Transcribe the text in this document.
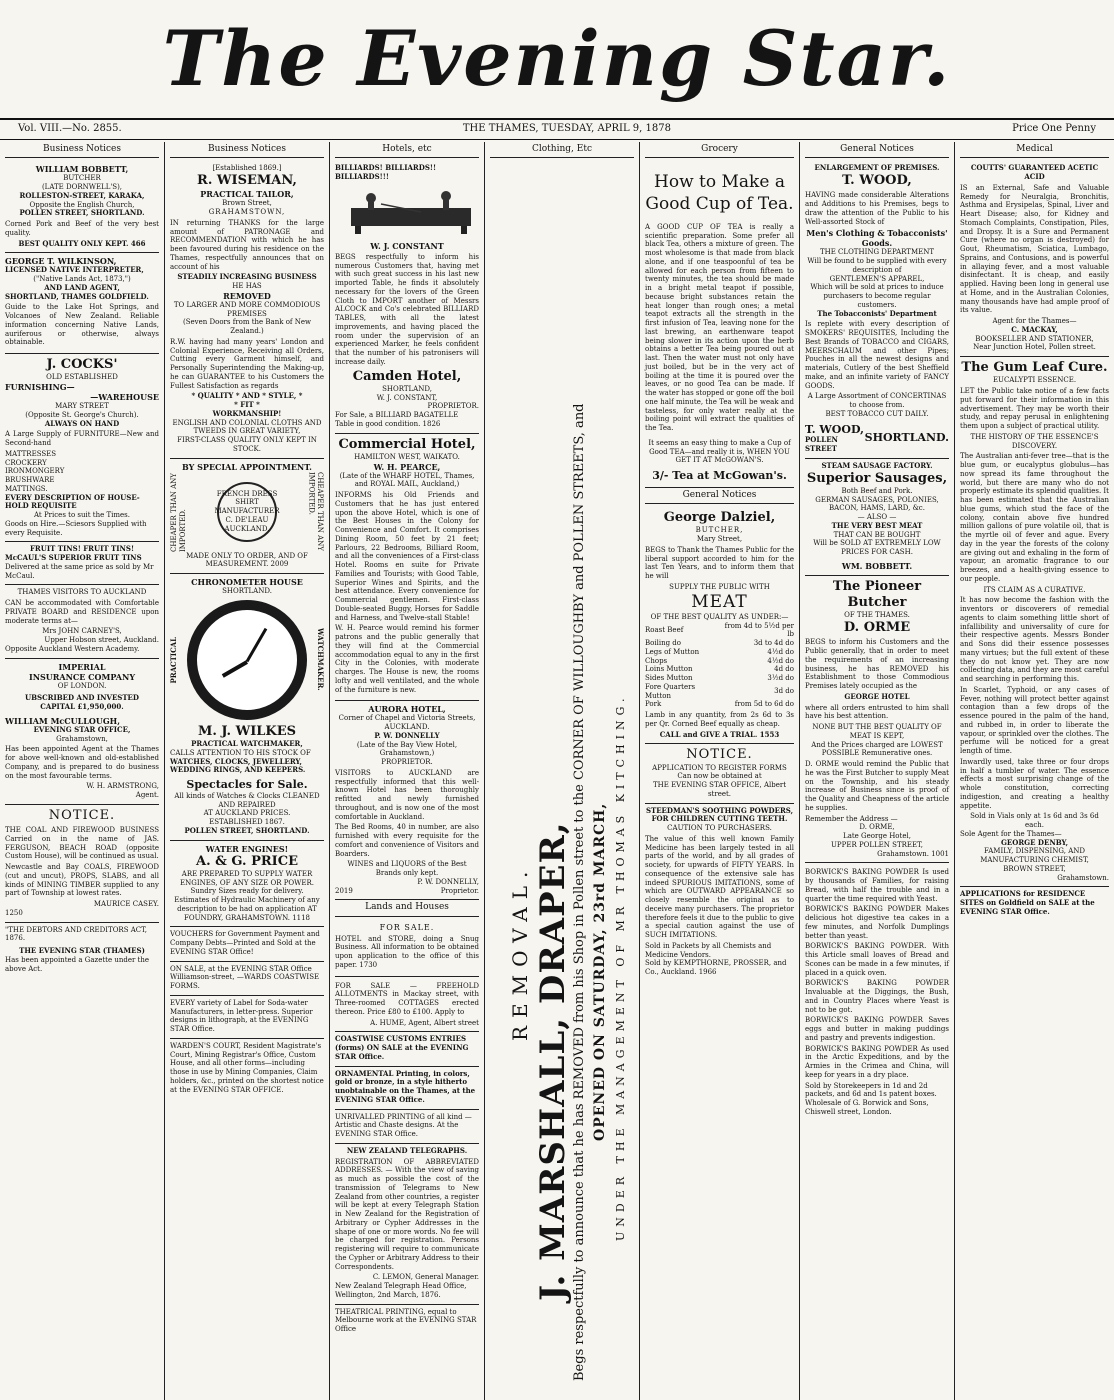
The Evening Star.
Vol. VIII.—No. 2855.	THE THAMES, TUESDAY, APRIL 9, 1878	Price One Penny
Business Notices
WILLIAM BOBBETT,
BUTCHER
(LATE DORNWELL'S),
ROLLESTON-STREET, KARAKA,
Opposite the English Church,
POLLEN STREET, SHORTLAND.
Corned Pork and Beef of the very best quality.
BEST QUALITY ONLY KEPT. 466
GEORGE T. WILKINSON,
LICENSED NATIVE INTERPRETER,
("Native Lands Act, 1873,")
AND LAND AGENT,
SHORTLAND, THAMES GOLDFIELD.
Guide to the Lake Hot Springs, and Volcanoes of New Zealand. Reliable information concerning Native Lands, auriferous or otherwise, always obtainable.
J. COCKS'
OLD ESTABLISHED
FURNISHING—
—WAREHOUSE
MARY STREET
(Opposite St. George's Church).
ALWAYS ON HAND
A Large Supply of FURNITURE—New and Second-hand
MATTRESSES
CROCKERY
IRONMONGERY
BRUSHWARE
MATTINGS.
EVERY DESCRIPTION OF HOUSE-HOLD REQUISITE
At Prices to suit the Times.
Goods on Hire.—Sciesors Supplied with every Requisite.
FRUIT TINS! FRUIT TINS!
McCAUL'S SUPERIOR FRUIT TINS
Delivered at the same price as sold by Mr McCaul.
THAMES VISITORS TO AUCKLAND
CAN be accommodated with Comfortable PRIVATE BOARD and RESIDENCE upon moderate terms at—
Mrs JOHN CARNEY'S,
Upper Hobson street, Auckland.
Opposite Auckland Western Academy.
IMPERIAL
INSURANCE COMPANY
OF LONDON.
UBSCRIBED AND INVESTED
CAPITAL £1,950,000.
WILLIAM McCULLOUGH,
EVENING STAR OFFICE,
Grahamstown,
Has been appointed Agent at the Thames for above well-known and old-established Company, and is prepared to do business on the most favourable terms.
W. H. ARMSTRONG,
Agent.
NOTICE.
THE COAL AND FIREWOOD BUSINESS Carried on in the name of JAS. FERGUSON, BEACH ROAD (opposite Custom House), will be continued as usual.
Newcastle and Bay COALS, FIREWOOD (cut and uncut), PROPS, SLABS, and all kinds of MINING TIMBER supplied to any part of Township at lowest rates.
MAURICE CASEY.
1250
"THE DEBTORS AND CREDITORS ACT, 1876.
THE EVENING STAR (THAMES)
Has been appointed a Gazette under the above Act.
Business Notices
[Established 1869.]
R. WISEMAN,
PRACTICAL TAILOR,
Brown Street,
GRAHAMSTOWN,
IN returning THANKS for the large amount of PATRONAGE and RECOMMENDATION with which he has been favoured during his residence on the Thames, respectfully announces that on account of his
STEADILY INCREASING BUSINESS
HE HAS
REMOVED
TO LARGER AND MORE COMMODIOUS PREMISES
(Seven Doors from the Bank of New Zealand.)
R.W. having had many years' London and Colonial Experience, Receiving all Orders, Cutting every Garment himself, and Personally Superintending the Making-up, he can GUARANTEE to his Customers the Fullest Satisfaction as regards
* QUALITY * AND * STYLE, *
* FIT *
WORKMANSHIP!
ENGLISH AND COLONIAL CLOTHS AND TWEEDS IN GREAT VARIETY,
FIRST-CLASS QUALITY ONLY KEPT IN STOCK.
BY SPECIAL APPOINTMENT.
CHEAPER THAN ANY IMPORTED.
FRENCH DRESS SHIRT MANUFACTURER C. DE'LEAU AUCKLAND.	CHEAPER THAN ANY IMPORTED.
MADE ONLY TO ORDER, AND OF MEASUREMENT. 2009
CHRONOMETER HOUSE
SHORTLAND.
PRACTICAL	WATCHMAKER.
M. J. WILKES
PRACTICAL WATCHMAKER,
CALLS ATTENTION TO HIS STOCK OF
WATCHES, CLOCKS, JEWELLERY, WEDDING RINGS, AND KEEPERS.
Spectacles for Sale.
All kinds of Watches & Clocks CLEANED AND REPAIRED
AT AUCKLAND PRICES.
ESTABLISHED 1867.
POLLEN STREET, SHORTLAND.
WATER ENGINES!
A. & G. PRICE
ARE PREPARED TO SUPPLY WATER ENGINES, OF ANY SIZE OR POWER.
Sundry Sizes ready for delivery.
Estimates of Hydraulic Machinery of any description to be had on application AT FOUNDRY, GRAHAMSTOWN. 1118
VOUCHERS for Government Payment and Company Debts—Printed and Sold at the EVENING STAR Office!
ON SALE, at the EVENING STAR Office Williamson-street, —WARDS COASTWISE FORMS.
EVERY variety of Label for Soda-water Manufacturers, in letter-press. Superior designs in lithograph, at the EVENING STAR Office.
WARDEN'S COURT, Resident Magistrate's Court, Mining Registrar's Office, Custom House, and all other forms—including those in use by Mining Companies, Claim holders, &c., printed on the shortest notice at the EVENING STAR OFFICE.
Hotels, etc
BILLIARDS! BILLIARDS!! BILLIARDS!!!
W. J. CONSTANT
BEGS respectfully to inform his numerous Customers that, having met with such great success in his last new imported Table, he finds it absolutely necessary for the lovers of the Green Cloth to IMPORT another of Messrs ALCOCK and Co's celebrated BILLIARD TABLES, with all the latest improvements, and having placed the room under the supervision of an experienced Marker, he feels confident that the number of his patronisers will increase daily.
Camden Hotel,
SHORTLAND,
W. J. CONSTANT,
PROPRIETOR.
For Sale, a BILLIARD BAGATELLE Table in good condition. 1826
Commercial Hotel,
HAMILTON WEST, WAIKATO.
W. H. PEARCE,
(Late of the WHARF HOTEL, Thames, and ROYAL MAIL, Auckland,)
INFORMS his Old Friends and Customers that he has just entered upon the above Hotel, which is one of the Best Houses in the Colony for Convenience and Comfort. It comprises Dining Room, 50 feet by 21 feet; Parlours, 22 Bedrooms, Billiard Room, and all the conveniences of a First-class Hotel. Rooms en suite for Private Families and Tourists; with Good Table, Superior Wines and Spirits, and the best attendance. Every convenience for Commercial gentlemen. First-class Double-seated Buggy, Horses for Saddle and Harness, and Twelve-stall Stable!
W. H. Pearce would remind his former patrons and the public generally that they will find at the Commercial accommodation equal to any in the first City in the Colonies, with moderate charges. The House is new, the rooms lofty and well ventilated, and the whole of the furniture is new.
AURORA HOTEL,
Corner of Chapel and Victoria Streets, AUCKLAND.
P. W. DONNELLY
(Late of the Bay View Hotel, Grahamstown,)
PROPRIETOR.
VISITORS to AUCKLAND are respectfully informed that this well-known Hotel has been thoroughly refitted and newly furnished throughout, and is now one of the most comfortable in Auckland.
The Bed Rooms, 40 in number, are also furnished with every requisite for the comfort and convenience of Visitors and Boarders.
WINES and LIQUORS of the Best Brands only kept.
P. W. DONNELLY,
2019	Proprietor.
Lands and Houses
FOR SALE.
HOTEL and STORE, doing a Snug Business. All information to be obtained upon application to the office of this paper. 1730
FOR SALE — FREEHOLD ALLOTMENTS in Mackay street, with Three-roomed COTTAGES erected thereon. Price £80 to £100. Apply to
A. HUME, Agent, Albert street
COASTWISE CUSTOMS ENTRIES (forms) ON SALE at the EVENING STAR Office.
ORNAMENTAL Printing, in colors, gold or bronze, in a style hitherto unobtainable on the Thames, at the EVENING STAR Office.
UNRIVALLED PRINTING of all kind —Artistic and Chaste designs. At the EVENING STAR Office.
NEW ZEALAND TELEGRAPHS.
REGISTRATION OF ABBREVIATED ADDRESSES. — With the view of saving as much as possible the cost of the transmission of Telegrams to New Zealand from other countries, a register will be kept at every Telegraph Station in New Zealand for the Registration of Arbitrary or Cypher Addresses in the shape of one or more words. No fee will be charged for registration. Persons registering will require to communicate the Cypher or Arbitrary Address to their Correspondents.
C. LEMON, General Manager.
New Zealand Telegraph Head Office, Wellington, 2nd March, 1876.
THEATRICAL PRINTING, equal to Melbourne work at the EVENING STAR Office
Clothing, Etc
REMOVAL. J. MARSHALL, DRAPER, Begs respectfully to announce that he has REMOVED from his Shop in Pollen street to the CORNER OF WILLOUGHBY and POLLEN STREETS, and OPENED ON SATURDAY, 23rd MARCH, UNDER THE MANAGEMENT OF MR THOMAS KITCHING.
Grocery
How to Make a Good Cup of Tea.
A GOOD CUP OF TEA is really a scientific preparation. Some prefer all black Tea, others a mixture of green. The most wholesome is that made from black alone, and if one teaspoonful of tea be allowed for each person from fifteen to twenty minutes, the tea should be made in a bright metal teapot if possible, because bright substances retain the heat longer than rough ones; a metal teapot extracts all the strength in the first infusion of Tea, leaving none for the last brewing, an earthenware teapot being slower in its action upon the herb obtains a better Tea being poured out at last. Then the water must not only have just boiled, but be in the very act of boiling at the time it is poured over the leaves, or no good Tea can be made. If the water has stopped or gone off the boil one half minute, the Tea will be weak and tasteless, for only water really at the boiling point will extract the qualities of the Tea.
It seems an easy thing to make a Cup of Good TEA—and really it is, WHEN YOU GET IT AT McGOWAN'S.
3/- Tea at McGowan's.
General Notices
George Dalziel,
BUTCHER,
Mary Street,
BEGS to Thank the Thames Public for the liberal support accorded to him for the last Ten Years, and to inform them that he will
SUPPLY THE PUBLIC WITH
MEAT
OF THE BEST QUALITY AS UNDER:—
Roast Beef	from 4d to 5½d per lb
Boiling do	3d to 4d do
Legs of Mutton	4½d do
Chops	4½d do
Loins Mutton	4d do
Sides Mutton	3½d do
Fore Quarters Mutton	3d do
Pork	from 5d to 6d do
Lamb in any quantity, from 2s 6d to 3s per Qr. Corned Beef equally as cheap.
CALL and GIVE A TRIAL. 1553
NOTICE.
APPLICATION TO REGISTER FORMS
Can now be obtained at
THE EVENING STAR OFFICE, Albert street.
STEEDMAN'S SOOTHING POWDERS, FOR CHILDREN CUTTING TEETH.
CAUTION TO PURCHASERS.
The value of this well known Family Medicine has been largely tested in all parts of the world, and by all grades of society, for upwards of FIFTY YEARS. In consequence of the extensive sale has indeed SPURIOUS IMITATIONS, some of which are OUTWARD APPEARANCE so closely resemble the original as to deceive many purchasers. The proprietor therefore feels it due to the public to give a special caution against the use of SUCH IMITATIONS.
Sold in Packets by all Chemists and Medicine Vendors.
Sold by KEMPTHORNE, PROSSER, and Co., Auckland. 1966
General Notices
ENLARGEMENT OF PREMISES.
T. WOOD,
HAVING made considerable Alterations and Additions to his Premises, begs to draw the attention of the Public to his Well-assorted Stock of
Men's Clothing & Tobacconists' Goods.
THE CLOTHING DEPARTMENT
Will be found to be supplied with every description of
GENTLEMEN'S APPAREL,
Which will be sold at prices to induce purchasers to become regular customers.
The Tobacconists' Department
Is replete with every description of SMOKERS' REQUISITES, Including the Best Brands of TOBACCO and CIGARS, MEERSCHAUM and other Pipes; Pouches in all the newest designs and materials, Cutlery of the best Sheffield make, and an infinite variety of FANCY GOODS.
A Large Assortment of CONCERTINAS to choose from.
BEST TOBACCO CUT DAILY.
T. WOOD,
POLLEN STREET
SHORTLAND.
STEAM SAUSAGE FACTORY.
Superior Sausages,
Both Beef and Pork.
GERMAN SAUSAGES, POLONIES,
BACON, HAMS, LARD, &c.
— ALSO —
THE VERY BEST MEAT
THAT CAN BE BOUGHT
Will be SOLD AT EXTREMELY LOW PRICES FOR CASH.
WM. BOBBETT.
The Pioneer Butcher
OF THE THAMES.
D. ORME
BEGS to inform his Customers and the Public generally, that in order to meet the requirements of an increasing business, he has REMOVED his Establishment to those Commodious Premises lately occupied as the
GEORGE HOTEL
where all orders entrusted to him shall have his best attention.
NONE BUT THE BEST QUALITY OF MEAT IS KEPT,
And the Prices charged are LOWEST POSSIBLE Remunerative ones.
D. ORME would remind the Public that he was the First Butcher to supply Meat on the Township, and his steady increase of Business since is proof of the Quality and Cheapness of the article he supplies.
Remember the Address —
D. ORME,
Late George Hotel,
UPPER POLLEN STREET,
Grahamstown. 1001
BORWICK'S BAKING POWDER Is used by thousands of Families, for raising Bread, with half the trouble and in a quarter the time required with Yeast.
BORWICK'S BAKING POWDER Makes delicious hot digestive tea cakes in a few minutes, and Norfolk Dumplings better than yeast.
BORWICK'S BAKING POWDER. With this Article small loaves of Bread and Scones can be made in a few minutes, if placed in a quick oven.
BORWICK'S BAKING POWDER Invaluable at the Diggings, the Bush, and in Country Places where Yeast is not to be got.
BORWICK'S BAKING POWDER Saves eggs and butter in making puddings and pastry and prevents indigestion.
BORWICK'S BAKING POWDER As used in the Arctic Expeditions, and by the Armies in the Crimea and China, will keep for years in a dry place.
Sold by Storekeepers in 1d and 2d packets, and 6d and 1s patent boxes.
Wholesale of G. Borwick and Sons, Chiswell street, London.
Medical
COUTTS' GUARANTEED ACETIC ACID
IS an External, Safe and Valuable Remedy for Neuralgia, Bronchitis, Asthma and Erysipelas, Spinal, Liver and Heart Disease; also, for Kidney and Stomach Complaints, Constipation, Piles, and Dropsy. It is a Sure and Permanent Cure (where no organ is destroyed) for Gout, Rheumatism, Sciatica, Lumbago, Sprains, and Contusions, and is powerful in allaying fever, and a most valuable disinfectant. It is cheap, and easily applied. Having been long in general use at Home, and in the Australian Colonies, many thousands have had ample proof of its value.
Agent for the Thames—
C. MACKAY,
BOOKSELLER AND STATIONER,
Near Junction Hotel, Pollen street.
The Gum Leaf Cure.
EUCALYPTI ESSENCE.
LET the Public take notice of a few facts put forward for their information in this advertisement. They may be worth their study, and repay perusal in enlightening them upon a subject of practical utility.
THE HISTORY OF THE ESSENCE'S DISCOVERY.
The Australian anti-fever tree—that is the blue gum, or eucalyptus globulus—has now spread its fame throughout the world, but there are many who do not properly estimate its splendid qualities. It has been estimated that the Australian blue gums, which stud the face of the colony, contain above five hundred million gallons of pure volatile oil, that is the myrtle oil of fever and ague. Every day in the year the forests of the colony are giving out and exhaling in the form of vapour, an aromatic fragrance to our breezes, and a health-giving essence to our people.
ITS CLAIM AS A CURATIVE.
It has now become the fashion with the inventors or discoverers of remedial agents to claim something little short of infallibility and universality of cure for their respective agents. Messrs Bonder and Sons did their essence possesses many virtues; but the full extent of these they do not know yet. They are now collecting data, and they are most careful and searching in performing this.
In Scarlet, Typhoid, or any cases of Fever, nothing will protect better against contagion than a few drops of the essence poured in the palm of the hand, and rubbed in, in order to liberate the vapour, or sprinkled over the clothes. The perfume will be noticed for a great length of time.
Inwardly used, take three or four drops in half a tumbler of water. The essence effects a most surprising change of the whole constitution, correcting indigestion, and creating a healthy appetite.
Sold in Vials only at 1s 6d and 3s 6d each.
Sole Agent for the Thames—
GEORGE DENBY,
FAMILY, DISPENSING, AND MANUFACTURING CHEMIST,
BROWN STREET,
Grahamstown.
APPLICATIONS for RESIDENCE SITES on Goldfield on SALE at the EVENING STAR Office.
